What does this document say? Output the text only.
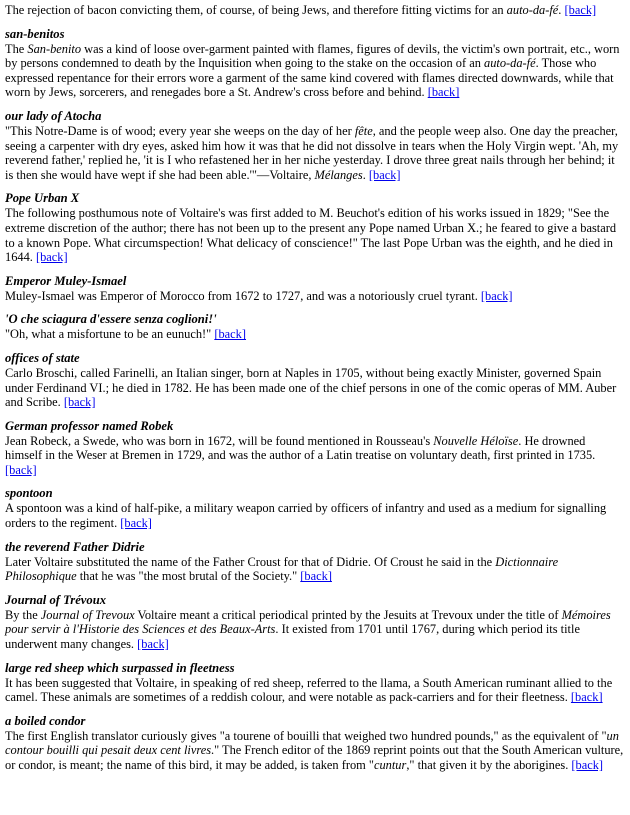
The rejection of bacon convicting them, of course, of being Jews, and therefore fitting victims for an auto-da-fé. [back]

san-benitos

The San-benito was a kind of loose over-garment painted with flames, figures of devils, the victim's own portrait, etc., worn by persons condemned to death by the Inquisition when going to the stake on the occasion of an auto-da-fé. Those who expressed repentance for their errors wore a garment of the same kind covered with flames directed downwards, while that worn by Jews, sorcerers, and renegades bore a St. Andrew's cross before and behind. [back]

our lady of Atocha

"This Notre-Dame is of wood; every year she weeps on the day of her fête, and the people weep also. One day the preacher, seeing a carpenter with dry eyes, asked him how it was that he did not dissolve in tears when the Holy Virgin wept. 'Ah, my reverend father,' replied he, 'it is I who refastened her in her niche yesterday. I drove three great nails through her behind; it is then she would have wept if she had been able.'"—Voltaire, Mélanges. [back]

Pope Urban X

The following posthumous note of Voltaire's was first added to M. Beuchot's edition of his works issued in 1829; "See the extreme discretion of the author; there has not been up to the present any Pope named Urban X.; he feared to give a bastard to a known Pope. What circumspection! What delicacy of conscience!" The last Pope Urban was the eighth, and he died in 1644. [back]

Emperor Muley-Ismael

Muley-Ismael was Emperor of Morocco from 1672 to 1727, and was a notoriously cruel tyrant. [back]

'O che sciagura d'essere senza coglioni!'

"Oh, what a misfortune to be an eunuch!" [back]

offices of state

Carlo Broschi, called Farinelli, an Italian singer, born at Naples in 1705, without being exactly Minister, governed Spain under Ferdinand VI.; he died in 1782. He has been made one of the chief persons in one of the comic operas of MM. Auber and Scribe. [back]

German professor named Robek

Jean Robeck, a Swede, who was born in 1672, will be found mentioned in Rousseau's Nouvelle Héloïse. He drowned himself in the Weser at Bremen in 1729, and was the author of a Latin treatise on voluntary death, first printed in 1735. [back]

spontoon

A spontoon was a kind of half-pike, a military weapon carried by officers of infantry and used as a medium for signalling orders to the regiment. [back]

the reverend Father Didrie

Later Voltaire substituted the name of the Father Croust for that of Didrie. Of Croust he said in the Dictionnaire Philosophique that he was "the most brutal of the Society." [back]

Journal of Trévoux

By the Journal of Trevoux Voltaire meant a critical periodical printed by the Jesuits at Trevoux under the title of Mémoires pour servir à l'Historie des Sciences et des Beaux-Arts. It existed from 1701 until 1767, during which period its title underwent many changes. [back]

large red sheep which surpassed in fleetness

It has been suggested that Voltaire, in speaking of red sheep, referred to the llama, a South American ruminant allied to the camel. These animals are sometimes of a reddish colour, and were notable as pack-carriers and for their fleetness. [back]

a boiled condor

The first English translator curiously gives "a tourene of bouilli that weighed two hundred pounds," as the equivalent of "un contour bouilli qui pesait deux cent livres." The French editor of the 1869 reprint points out that the South American vulture, or condor, is meant; the name of this bird, it may be added, is taken from "cuntur," that given it by the aborigines. [back]
